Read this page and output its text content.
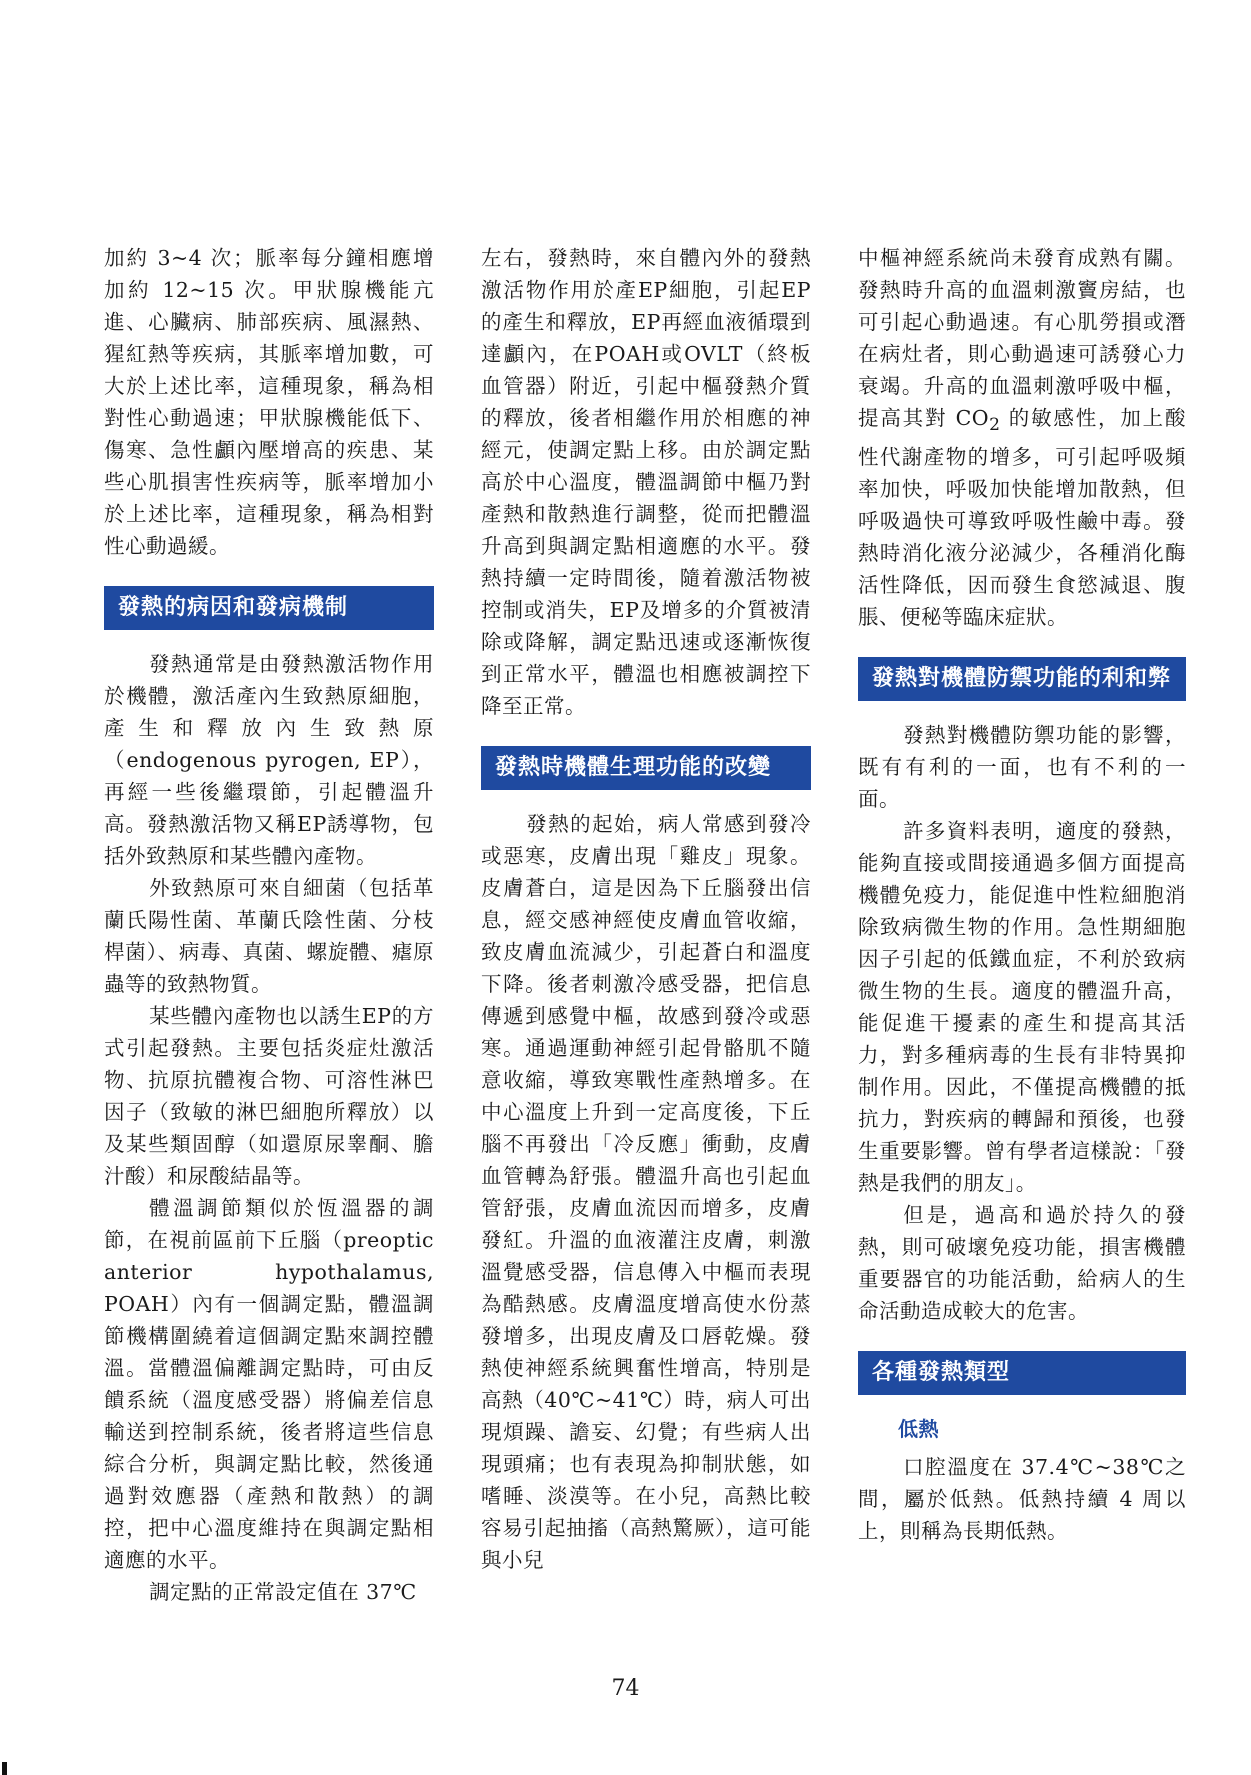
加約 3~4 次；脈率每分鐘相應增加約 12~15 次。甲狀腺機能亢進、心臟病、肺部疾病、風濕熱、猩紅熱等疾病，其脈率增加數，可大於上述比率，這種現象，稱為相對性心動過速；甲狀腺機能低下、傷寒、急性顱內壓增高的疾患、某些心肌損害性疾病等，脈率增加小於上述比率，這種現象，稱為相對性心動過緩。

發熱的病因和發病機制

發熱通常是由發熱激活物作用於機體，激活產內生致熱原細胞，產生和釋放內生致熱原（endogenous pyrogen, EP），再經一些後繼環節，引起體溫升高。發熱激活物又稱EP誘導物，包括外致熱原和某些體內產物。

外致熱原可來自細菌（包括革蘭氏陽性菌、革蘭氏陰性菌、分枝桿菌）、病毒、真菌、螺旋體、瘧原蟲等的致熱物質。

某些體內產物也以誘生EP的方式引起發熱。主要包括炎症灶激活物、抗原抗體複合物、可溶性淋巴因子（致敏的淋巴細胞所釋放）以及某些類固醇（如還原尿睾酮、膽汁酸）和尿酸結晶等。

體溫調節類似於恆溫器的調節，在視前區前下丘腦（preoptic anterior hypothalamus, POAH）內有一個調定點，體溫調節機構圍繞着這個調定點來調控體溫。當體溫偏離調定點時，可由反饋系統（溫度感受器）將偏差信息輸送到控制系統，後者將這些信息綜合分析，與調定點比較，然後通過對效應器（產熱和散熱）的調控，把中心溫度維持在與調定點相適應的水平。

調定點的正常設定值在 37℃

左右，發熱時，來自體內外的發熱激活物作用於產EP細胞，引起EP的產生和釋放，EP再經血液循環到達顱內，在POAH或OVLT（終板血管器）附近，引起中樞發熱介質的釋放，後者相繼作用於相應的神經元，使調定點上移。由於調定點高於中心溫度，體溫調節中樞乃對產熱和散熱進行調整，從而把體溫升高到與調定點相適應的水平。發熱持續一定時間後，隨着激活物被控制或消失，EP及增多的介質被清除或降解，調定點迅速或逐漸恢復到正常水平，體溫也相應被調控下降至正常。

發熱時機體生理功能的改變

發熱的起始，病人常感到發冷或惡寒，皮膚出現「雞皮」現象。皮膚蒼白，這是因為下丘腦發出信息，經交感神經使皮膚血管收縮，致皮膚血流減少，引起蒼白和溫度下降。後者刺激冷感受器，把信息傳遞到感覺中樞，故感到發冷或惡寒。通過運動神經引起骨骼肌不隨意收縮，導致寒戰性產熱增多。在中心溫度上升到一定高度後，下丘腦不再發出「冷反應」衝動，皮膚血管轉為舒張。體溫升高也引起血管舒張，皮膚血流因而增多，皮膚發紅。升溫的血液灌注皮膚，刺激溫覺感受器，信息傳入中樞而表現為酷熱感。皮膚溫度增高使水份蒸發增多，出現皮膚及口唇乾燥。發熱使神經系統興奮性增高，特別是高熱（40℃~41℃）時，病人可出現煩躁、譫妄、幻覺；有些病人出現頭痛；也有表現為抑制狀態，如嗜睡、淡漠等。在小兒，高熱比較容易引起抽搐（高熱驚厥），這可能與小兒

中樞神經系統尚未發育成熟有關。發熱時升高的血溫刺激竇房結，也可引起心動過速。有心肌勞損或潛在病灶者，則心動過速可誘發心力衰竭。升高的血溫刺激呼吸中樞，提高其對 $CO_2$ 的敏感性，加上酸性代謝產物的增多，可引起呼吸頻率加快，呼吸加快能增加散熱，但呼吸過快可導致呼吸性鹼中毒。發熱時消化液分泌減少，各種消化酶活性降低，因而發生食慾減退、腹脹、便秘等臨床症狀。

發熱對機體防禦功能的利和弊

發熱對機體防禦功能的影響，既有有利的一面，也有不利的一面。

許多資料表明，適度的發熱，能夠直接或間接通過多個方面提高機體免疫力，能促進中性粒細胞消除致病微生物的作用。急性期細胞因子引起的低鐵血症，不利於致病微生物的生長。適度的體溫升高，能促進干擾素的產生和提高其活力，對多種病毒的生長有非特異抑制作用。因此，不僅提高機體的抵抗力，對疾病的轉歸和預後，也發生重要影響。曾有學者這樣說：「發熱是我們的朋友」。

但是，過高和過於持久的發熱，則可破壞免疫功能，損害機體重要器官的功能活動，給病人的生命活動造成較大的危害。

各種發熱類型
低熱

口腔溫度在 37.4℃~38℃之間，屬於低熱。低熱持續 4 周以上，則稱為長期低熱。

74
